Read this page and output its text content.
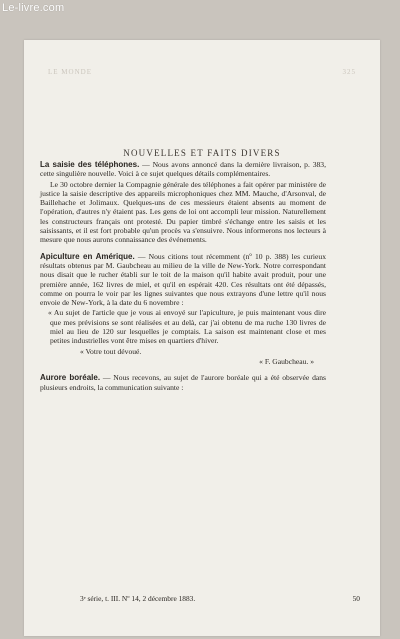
Le-livre.com
LE MONDE	325
NOUVELLES ET FAITS DIVERS

La saisie des téléphones. — Nous avons annoncé dans la dernière livraison, p. 383, cette singulière nouvelle. Voici à ce sujet quelques détails complémentaires.

Le 30 octobre dernier la Compagnie générale des téléphones a fait opérer par ministère de justice la saisie descriptive des appareils microphoniques chez MM. Mauche, d'Arsonval, de Baillehache et Jolimaux. Quelques-uns de ces messieurs étaient absents au moment de l'opération, d'autres n'y étaient pas. Les gens de loi ont accompli leur mission. Naturellement les constructeurs français ont protesté. Du papier timbré s'échange entre les saisis et les saisissants, et il est fort probable qu'un procès va s'ensuivre. Nous informerons nos lecteurs à mesure que nous aurons connaissance des événements.

Apiculture en Amérique. — Nous citions tout récemment (nº 10 p. 388) les curieux résultats obtenus par M. Gaubcheau au milieu de la ville de New-York. Notre correspondant nous disait que le rucher établi sur le toit de la maison qu'il habite avait produit, pour une première année, 162 livres de miel, et qu'il en espérait 420. Ces résultats ont été dépassés, comme on pourra le voir par les lignes suivantes que nous extrayons d'une lettre qu'il nous envoie de New-York, à la date du 6 novembre :

« Au sujet de l'article que je vous ai envoyé sur l'apiculture, je puis maintenant vous dire que mes prévisions se sont réalisées et au delà, car j'ai obtenu de ma ruche 130 livres de miel au lieu de 120 sur lesquelles je comptais. La saison est maintenant close et mes petites industrielles vont être mises en quartiers d'hiver.

« Votre tout dévoué.

« F. Gaubcheau. »

Aurore boréale. — Nous recevons, au sujet de l'aurore boréale qui a été observée dans plusieurs endroits, la communication suivante :

3ᵉ série, t. III. Nº 14, 2 décembre 1883.	50
